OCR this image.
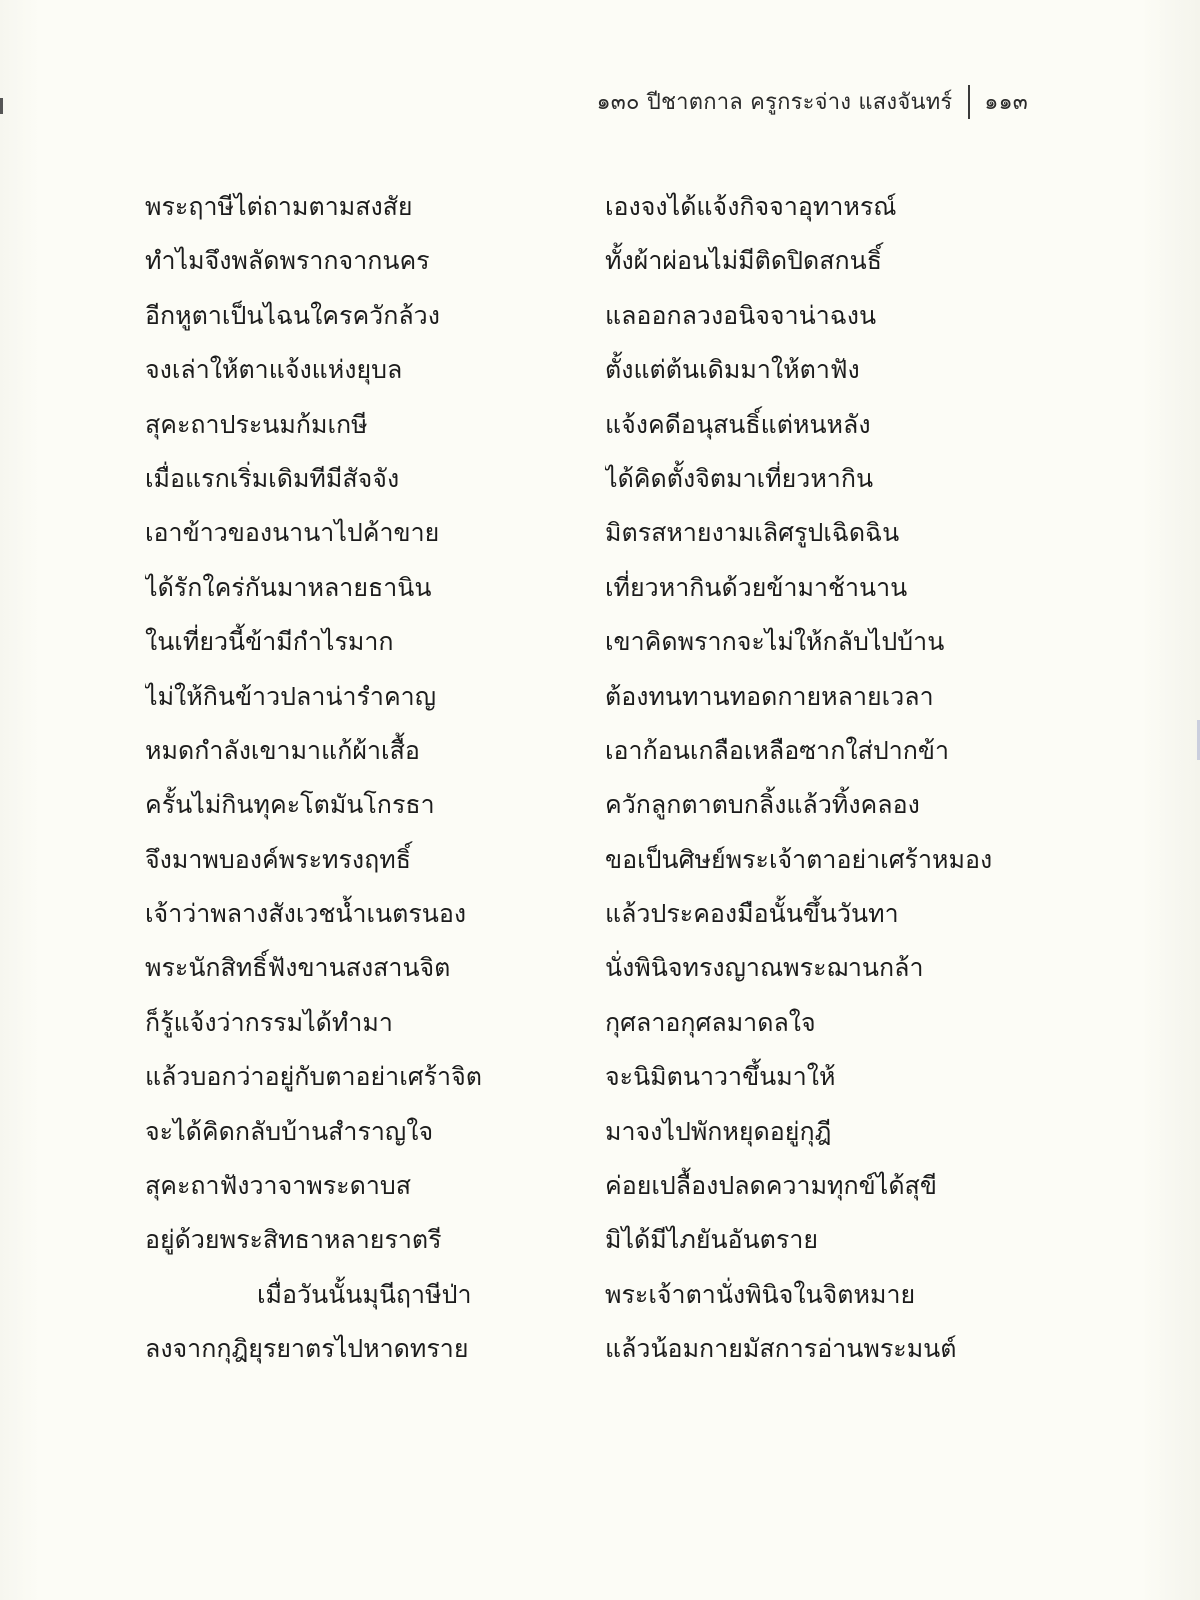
๑๓๐ ปีชาตกาล ครูกระจ่าง แสงจันทร์ ๑๑๓
พระฤาษีไต่ถามตามสงสัย
ทำไมจึงพลัดพรากจากนคร
อีกหูตาเป็นไฉนใครควักล้วง
จงเล่าให้ตาแจ้งแห่งยุบล
สุคะถาประนมก้มเกษี
เมื่อแรกเริ่มเดิมทีมีสัจจัง
เอาข้าวของนานาไปค้าขาย
ได้รักใคร่กันมาหลายธานิน
ในเที่ยวนี้ข้ามีกำไรมาก
ไม่ให้กินข้าวปลาน่ารำคาญ
หมดกำลังเขามาแก้ผ้าเสื้อ
ครั้นไม่กินทุคะโตมันโกรธา
จึงมาพบองค์พระทรงฤทธิ์
เจ้าว่าพลางสังเวชน้ำเนตรนอง
พระนักสิทธิ์ฟังขานสงสานจิต
ก็รู้แจ้งว่ากรรมได้ทำมา
แล้วบอกว่าอยู่กับตาอย่าเศร้าจิต
จะได้คิดกลับบ้านสำราญใจ
สุคะถาฟังวาจาพระดาบส
อยู่ด้วยพระสิทธาหลายราตรี
เมื่อวันนั้นมุนีฤาษีป่า
ลงจากกุฎิยุรยาตรไปหาดทราย
เองจงได้แจ้งกิจจาอุทาหรณ์
ทั้งผ้าผ่อนไม่มีติดปิดสกนธิ์
แลออกลวงอนิจจาน่าฉงน
ตั้งแต่ต้นเดิมมาให้ตาฟัง
แจ้งคดีอนุสนธิ์แต่หนหลัง
ได้คิดตั้งจิตมาเที่ยวหากิน
มิตรสหายงามเลิศรูปเฉิดฉิน
เที่ยวหากินด้วยข้ามาช้านาน
เขาคิดพรากจะไม่ให้กลับไปบ้าน
ต้องทนทานทอดกายหลายเวลา
เอาก้อนเกลือเหลือซากใส่ปากข้า
ควักลูกตาตบกลิ้งแล้วทิ้งคลอง
ขอเป็นศิษย์พระเจ้าตาอย่าเศร้าหมอง
แล้วประคองมือนั้นขึ้นวันทา
นั่งพินิจทรงญาณพระฌานกล้า
กุศลาอกุศลมาดลใจ
จะนิมิตนาวาขึ้นมาให้
มาจงไปพักหยุดอยู่กุฎี
ค่อยเปลื้องปลดความทุกข์ได้สุขี
มิได้มีไภยันอันตราย
พระเจ้าตานั่งพินิจในจิตหมาย
แล้วน้อมกายมัสการอ่านพระมนต์
